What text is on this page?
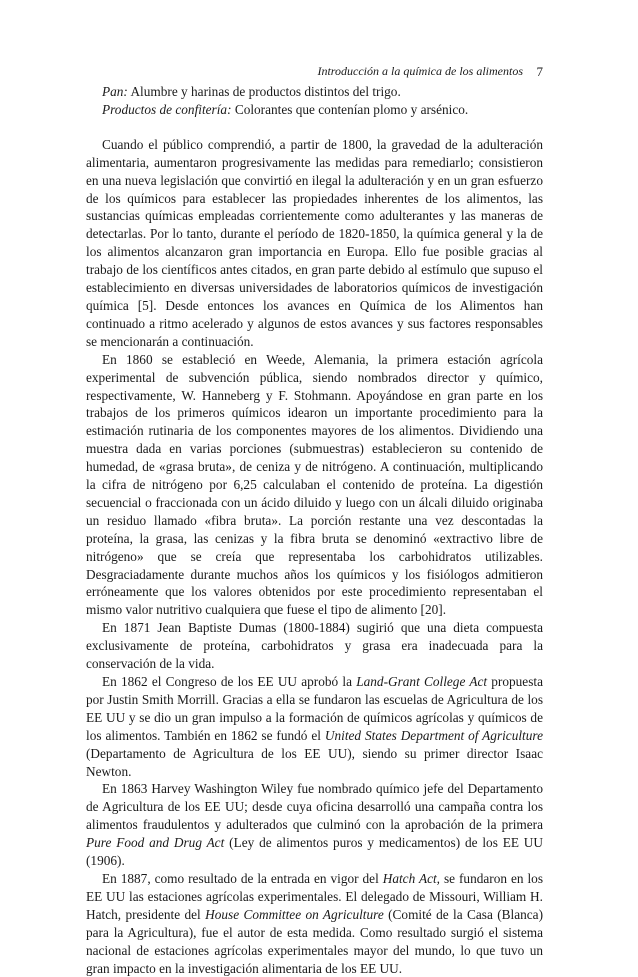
Introducción a la química de los alimentos 7

Pan: Alumbre y harinas de productos distintos del trigo.

Productos de confitería: Colorantes que contenían plomo y arsénico.

Cuando el público comprendió, a partir de 1800, la gravedad de la adulteración alimentaria, aumentaron progresivamente las medidas para remediarlo; consistieron en una nueva legislación que convirtió en ilegal la adulteración y en un gran esfuerzo de los químicos para establecer las propiedades inherentes de los alimentos, las sustancias químicas empleadas corrientemente como adulterantes y las maneras de detectarlas. Por lo tanto, durante el período de 1820-1850, la química general y la de los alimentos alcanzaron gran importancia en Europa. Ello fue posible gracias al trabajo de los científicos antes citados, en gran parte debido al estímulo que supuso el establecimiento en diversas universidades de laboratorios químicos de investigación química [5]. Desde entonces los avances en Química de los Alimentos han continuado a ritmo acelerado y algunos de estos avances y sus factores responsables se mencionarán a continuación.

En 1860 se estableció en Weede, Alemania, la primera estación agrícola experimental de subvención pública, siendo nombrados director y químico, respectivamente, W. Hanneberg y F. Stohmann. Apoyándose en gran parte en los trabajos de los primeros químicos idearon un importante procedimiento para la estimación rutinaria de los componentes mayores de los alimentos. Dividiendo una muestra dada en varias porciones (submuestras) establecieron su contenido de humedad, de «grasa bruta», de ceniza y de nitrógeno. A continuación, multiplicando la cifra de nitrógeno por 6,25 calculaban el contenido de proteína. La digestión secuencial o fraccionada con un ácido diluido y luego con un álcali diluido originaba un residuo llamado «fibra bruta». La porción restante una vez descontadas la proteína, la grasa, las cenizas y la fibra bruta se denominó «extractivo libre de nitrógeno» que se creía que representaba los carbohidratos utilizables. Desgraciadamente durante muchos años los químicos y los fisiólogos admitieron erróneamente que los valores obtenidos por este procedimiento representaban el mismo valor nutritivo cualquiera que fuese el tipo de alimento [20].

En 1871 Jean Baptiste Dumas (1800-1884) sugirió que una dieta compuesta exclusivamente de proteína, carbohidratos y grasa era inadecuada para la conservación de la vida.

En 1862 el Congreso de los EE UU aprobó la Land-Grant College Act propuesta por Justin Smith Morrill. Gracias a ella se fundaron las escuelas de Agricultura de los EE UU y se dio un gran impulso a la formación de químicos agrícolas y químicos de los alimentos. También en 1862 se fundó el United States Department of Agriculture (Departamento de Agricultura de los EE UU), siendo su primer director Isaac Newton.

En 1863 Harvey Washington Wiley fue nombrado químico jefe del Departamento de Agricultura de los EE UU; desde cuya oficina desarrolló una campaña contra los alimentos fraudulentos y adulterados que culminó con la aprobación de la primera Pure Food and Drug Act (Ley de alimentos puros y medicamentos) de los EE UU (1906).

En 1887, como resultado de la entrada en vigor del Hatch Act, se fundaron en los EE UU las estaciones agrícolas experimentales. El delegado de Missouri, William H. Hatch, presidente del House Committee on Agriculture (Comité de la Casa (Blanca) para la Agricultura), fue el autor de esta medida. Como resultado surgió el sistema nacional de estaciones agrícolas experimentales mayor del mundo, lo que tuvo un gran impacto en la investigación alimentaria de los EE UU.
